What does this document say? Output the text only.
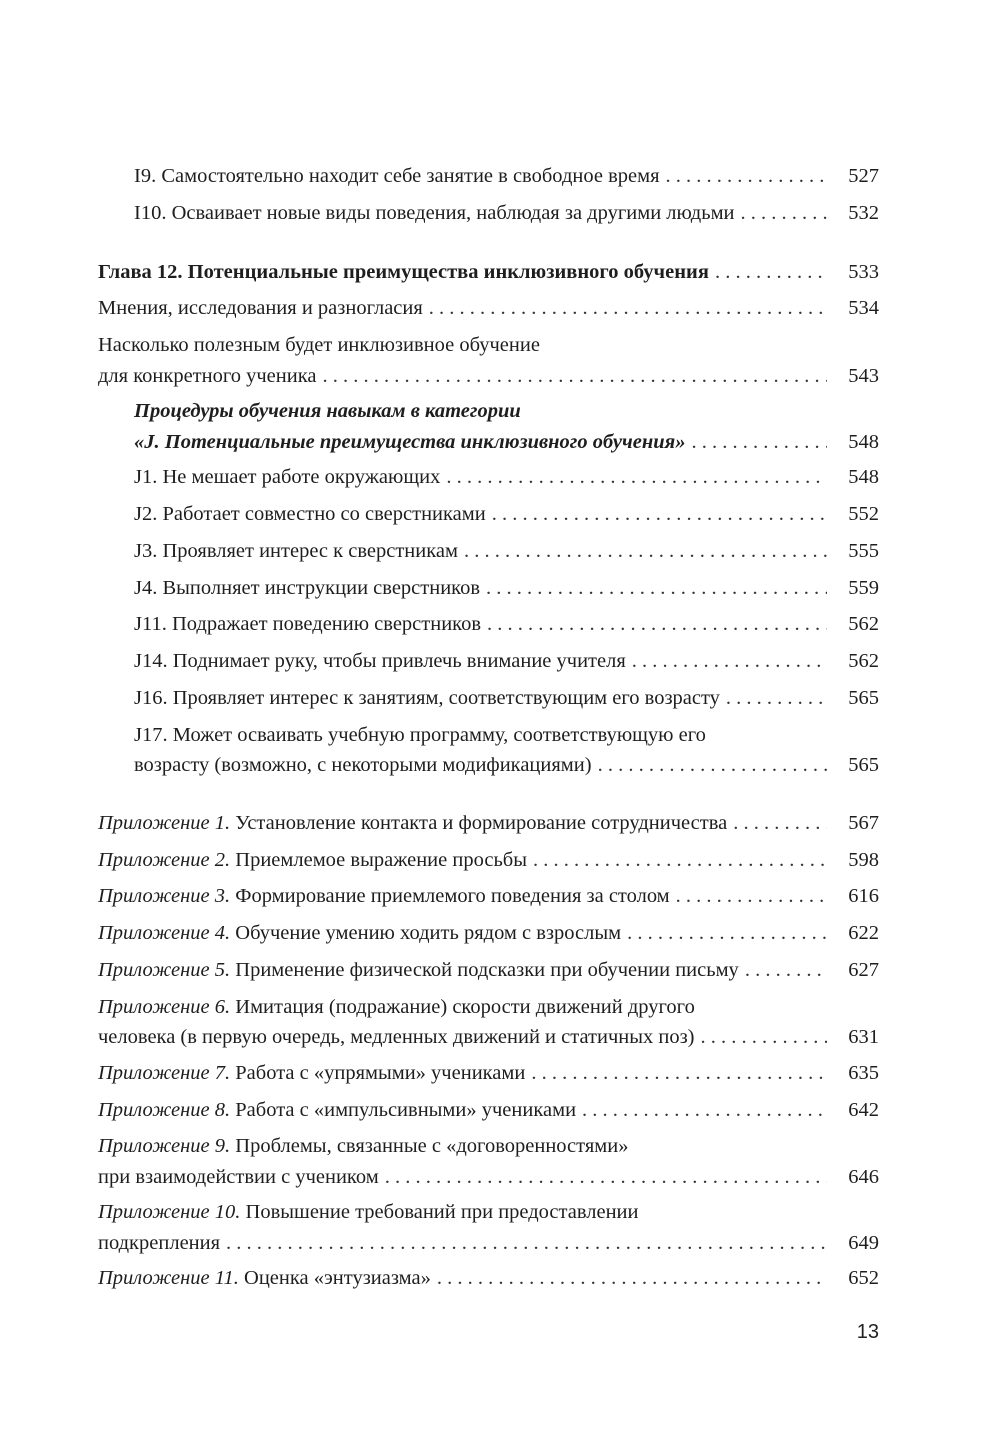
I9. Самостоятельно находит себе занятие в свободное время . . .	527
I10. Осваивает новые виды поведения, наблюдая за другими людьми . . .	532
Глава 12. Потенциальные преимущества инклюзивного обучения . . .	533
Мнения, исследования и разногласия . . .	534
Насколько полезным будет инклюзивное обучение
для конкретного ученика . . .	543
Процедуры обучения навыкам в категории
«J. Потенциальные преимущества инклюзивного обучения» . . .	548
J1. Не мешает работе окружающих . . .	548
J2. Работает совместно со сверстниками . . .	552
J3. Проявляет интерес к сверстникам . . .	555
J4. Выполняет инструкции сверстников . . .	559
J11. Подражает поведению сверстников . . .	562
J14. Поднимает руку, чтобы привлечь внимание учителя . . .	562
J16. Проявляет интерес к занятиям, соответствующим его возрасту . . .	565
J17. Может осваивать учебную программу, соответствующую его
возрасту (возможно, с некоторыми модификациями) . . .	565
Приложение 1. Установление контакта и формирование сотрудничества . . .	567
Приложение 2. Приемлемое выражение просьбы . . .	598
Приложение 3. Формирование приемлемого поведения за столом . . .	616
Приложение 4. Обучение умению ходить рядом с взрослым . . .	622
Приложение 5. Применение физической подсказки при обучении письму . . .	627
Приложение 6. Имитация (подражание) скорости движений другого
человека (в первую очередь, медленных движений и статичных поз) . . .	631
Приложение 7. Работа с «упрямыми» учениками . . .	635
Приложение 8. Работа с «импульсивными» учениками . . .	642
Приложение 9. Проблемы, связанные с «договоренностями»
при взаимодействии с учеником . . .	646
Приложение 10. Повышение требований при предоставлении
подкрепления . . .	649
Приложение 11. Оценка «энтузиазма» . . .	652
13
